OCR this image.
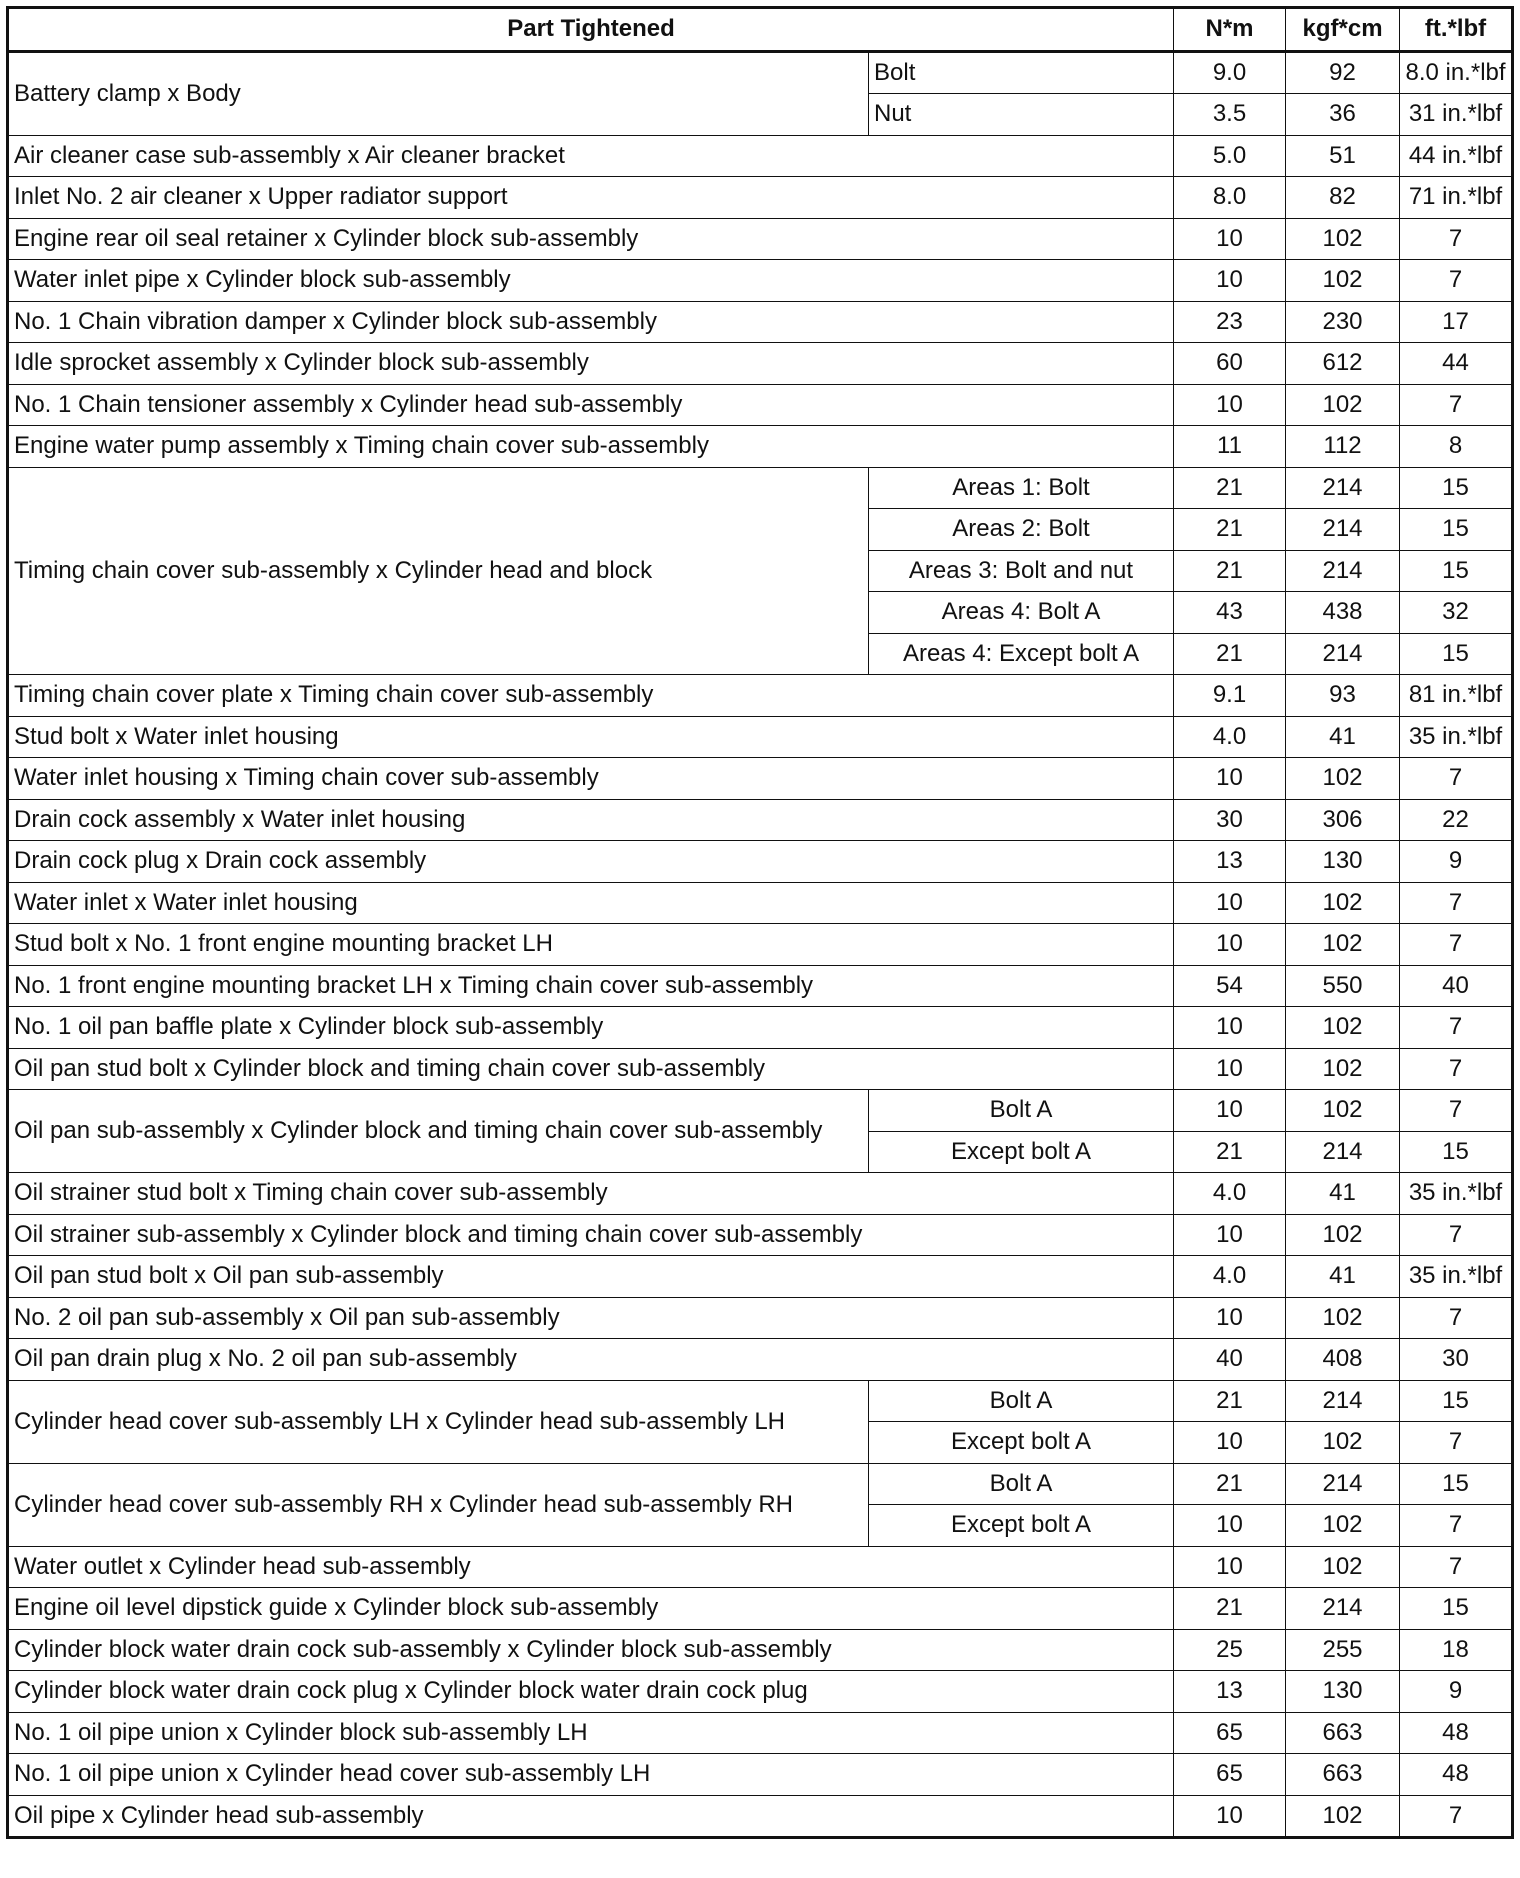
Part Tightened		N*m	kgf*cm	ft.*lbf
Battery clamp x Body	Bolt	9.0	92	8.0 in.*lbf
	Nut	3.5	36	31 in.*lbf
Air cleaner case sub-assembly x Air cleaner bracket		5.0	51	44 in.*lbf
Inlet No. 2 air cleaner x Upper radiator support		8.0	82	71 in.*lbf
Engine rear oil seal retainer x Cylinder block sub-assembly		10	102	7
Water inlet pipe x Cylinder block sub-assembly		10	102	7
No. 1 Chain vibration damper x Cylinder block sub-assembly		23	230	17
Idle sprocket assembly x Cylinder block sub-assembly		60	612	44
No. 1 Chain tensioner assembly x Cylinder head sub-assembly		10	102	7
Engine water pump assembly x Timing chain cover sub-assembly		11	112	8
Timing chain cover sub-assembly x Cylinder head and block	Areas 1: Bolt	21	214	15
	Areas 2: Bolt	21	214	15
	Areas 3: Bolt and nut	21	214	15
	Areas 4: Bolt A	43	438	32
	Areas 4: Except bolt A	21	214	15
Timing chain cover plate x Timing chain cover sub-assembly		9.1	93	81 in.*lbf
Stud bolt x Water inlet housing		4.0	41	35 in.*lbf
Water inlet housing x Timing chain cover sub-assembly		10	102	7
Drain cock assembly x Water inlet housing		30	306	22
Drain cock plug x Drain cock assembly		13	130	9
Water inlet x Water inlet housing		10	102	7
Stud bolt x No. 1 front engine mounting bracket LH		10	102	7
No. 1 front engine mounting bracket LH x Timing chain cover sub-assembly		54	550	40
No. 1 oil pan baffle plate x Cylinder block sub-assembly		10	102	7
Oil pan stud bolt x Cylinder block and timing chain cover sub-assembly		10	102	7
Oil pan sub-assembly x Cylinder block and timing chain cover sub-assembly	Bolt A	10	102	7
	Except bolt A	21	214	15
Oil strainer stud bolt x Timing chain cover sub-assembly		4.0	41	35 in.*lbf
Oil strainer sub-assembly x Cylinder block and timing chain cover sub-assembly		10	102	7
Oil pan stud bolt x Oil pan sub-assembly		4.0	41	35 in.*lbf
No. 2 oil pan sub-assembly x Oil pan sub-assembly		10	102	7
Oil pan drain plug x No. 2 oil pan sub-assembly		40	408	30
Cylinder head cover sub-assembly LH x Cylinder head sub-assembly LH	Bolt A	21	214	15
	Except bolt A	10	102	7
Cylinder head cover sub-assembly RH x Cylinder head sub-assembly RH	Bolt A	21	214	15
	Except bolt A	10	102	7
Water outlet x Cylinder head sub-assembly		10	102	7
Engine oil level dipstick guide x Cylinder block sub-assembly		21	214	15
Cylinder block water drain cock sub-assembly x Cylinder block sub-assembly		25	255	18
Cylinder block water drain cock plug x Cylinder block water drain cock plug		13	130	9
No. 1 oil pipe union x Cylinder block sub-assembly LH		65	663	48
No. 1 oil pipe union x Cylinder head cover sub-assembly LH		65	663	48
Oil pipe x Cylinder head sub-assembly		10	102	7
